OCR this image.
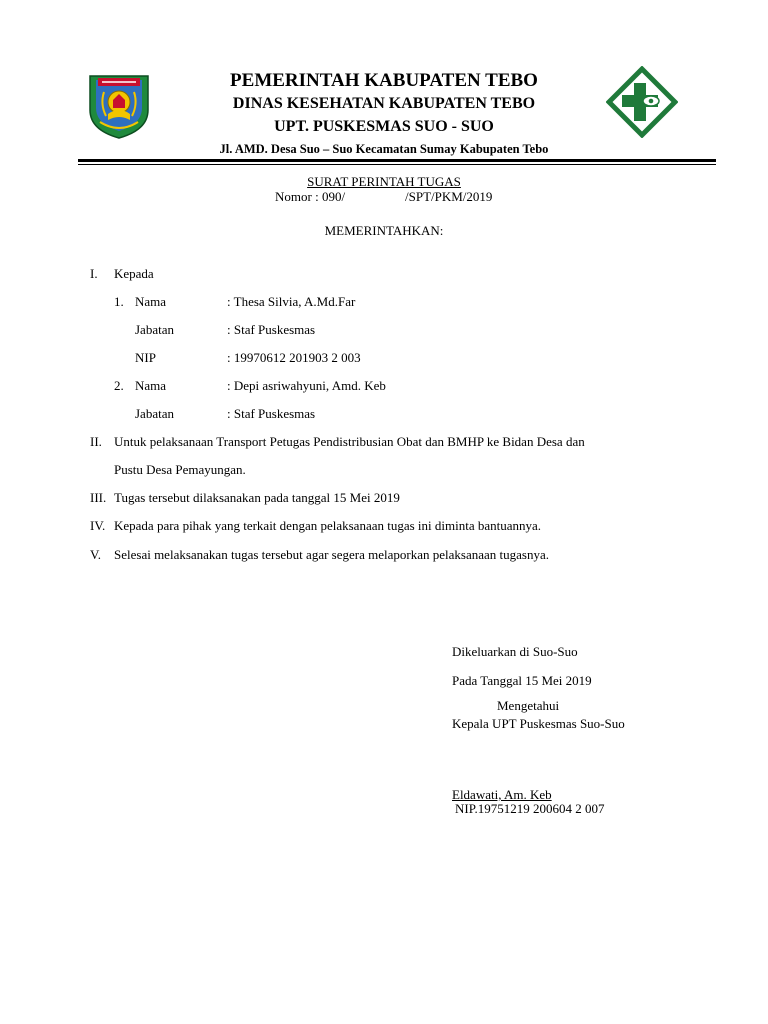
PEMERINTAH KABUPATEN TEBO
DINAS KESEHATAN KABUPATEN TEBO
UPT. PUSKESMAS SUO - SUO
Jl. AMD. Desa Suo – Suo Kecamatan Sumay Kabupaten Tebo
SURAT PERINTAH TUGAS
Nomor : 090/	/SPT/PKM/2019
MEMERINTAHKAN:
I. Kepada
1. Nama	: Thesa Silvia, A.Md.Far
Jabatan	: Staf Puskesmas
NIP	: 19970612 201903 2 003
2. Nama	: Depi asriwahyuni, Amd. Keb
Jabatan	: Staf Puskesmas
II. Untuk pelaksanaan Transport Petugas Pendistribusian Obat dan BMHP ke Bidan Desa dan
Pustu Desa Pemayungan.
III. Tugas tersebut dilaksanakan pada tanggal 15 Mei 2019
IV. Kepada para pihak yang terkait dengan pelaksanaan tugas ini diminta bantuannya.
V. Selesai melaksanakan tugas tersebut agar segera melaporkan pelaksanaan tugasnya.
Dikeluarkan di Suo-Suo
Pada Tanggal 15 Mei 2019
Mengetahui
Kepala UPT Puskesmas Suo-Suo
Eldawati, Am. Keb
NIP.19751219 200604 2 007
